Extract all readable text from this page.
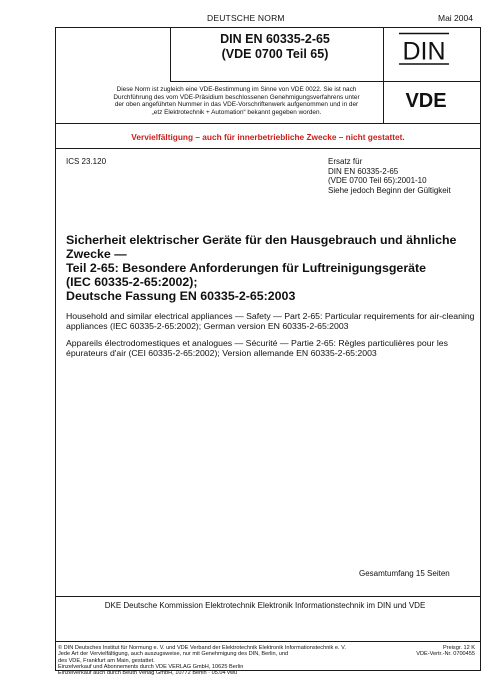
DEUTSCHE NORM	Mai 2004
DIN EN 60335-2-65
(VDE 0700 Teil 65)	DIN
Diese Norm ist zugleich eine VDE-Bestimmung im Sinne von VDE 0022. Sie ist nach
Durchführung des vom VDE-Präsidium beschlossenen Genehmigungsverfahrens unter
der oben angeführten Nummer in das VDE-Vorschriftenwerk aufgenommen und in der
„etz Elektrotechnik + Automation“ bekannt gegeben worden.
VDE
Vervielfältigung – auch für innerbetriebliche Zwecke – nicht gestattet.
ICS 23.120	Ersatz für
DIN EN 60335-2-65
(VDE 0700 Teil 65):2001-10
Siehe jedoch Beginn der Gültigkeit
Sicherheit elektrischer Geräte für den Hausgebrauch und ähnliche
Zwecke —
Teil 2-65: Besondere Anforderungen für Luftreinigungsgeräte
(IEC 60335-2-65:2002);
Deutsche Fassung EN 60335-2-65:2003
Household and similar electrical appliances — Safety — Part 2-65: Particular requirements for air-cleaning appliances (IEC 60335-2-65:2002); German version EN 60335-2-65:2003
Appareils électrodomestiques et analogues — Sécurité — Partie 2-65: Règles particulières pour les épurateurs d'air (CEI 60335-2-65:2002); Version allemande EN 60335-2-65:2003
Gesamtumfang 15 Seiten
DKE Deutsche Kommission Elektrotechnik Elektronik Informationstechnik im DIN und VDE
© DIN Deutsches Institut für Normung e. V. und VDE Verband der Elektrotechnik Elektronik Informationstechnik e. V.
Jede Art der Vervielfältigung, auch auszugsweise, nur mit Genehmigung des DIN, Berlin, und
des VDE, Frankfurt am Main, gestattet.
Einzelverkauf und Abonnements durch VDE VERLAG GmbH, 10625 Berlin
Einzelverkauf auch durch Beuth Verlag GmbH, 10772 Berlin · 05.04 vwu
Preisgr. 12 K
VDE-Vertr.-Nr. 0700455
